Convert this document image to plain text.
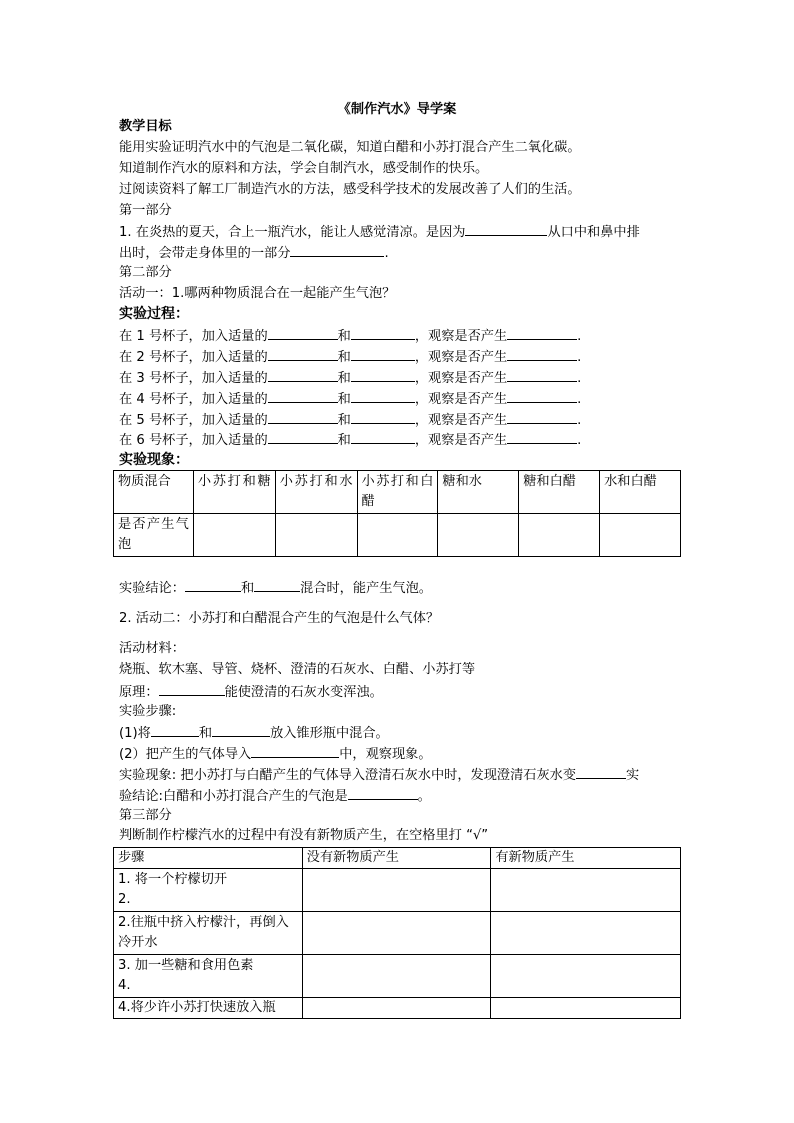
《制作汽水》导学案
教学目标
能用实验证明汽水中的气泡是二氧化碳，知道白醋和小苏打混合产生二氧化碳。
知道制作汽水的原料和方法，学会自制汽水，感受制作的快乐。
过阅读资料了解工厂制造汽水的方法，感受科学技术的发展改善了人们的生活。
第一部分
1. 在炎热的夏天，合上一瓶汽水，能让人感觉清凉。是因为	从口中和鼻中排
出时，会带走身体里的一部分	.
第二部分
活动一：1.哪两种物质混合在一起能产生气泡？
实验过程：
在 1 号杯子，加入适量的	和	，观察是否产生	.
在 2 号杯子，加入适量的	和	，观察是否产生	.
在 3 号杯子，加入适量的	和	，观察是否产生	.
在 4 号杯子，加入适量的	和	，观察是否产生	.
在 5 号杯子，加入适量的	和	，观察是否产生	.
在 6 号杯子，加入适量的	和	，观察是否产生	.
实验现象：
物质混合	小苏打和糖	小苏打和水	小苏打和白醋	糖和水	糖和白醋	水和白醋
是否产生气泡						
实验结论：	和	混合时，能产生气泡。
2. 活动二：小苏打和白醋混合产生的气泡是什么气体？
活动材料：
烧瓶、软木塞、导管、烧杯、澄清的石灰水、白醋、小苏打等
原理：	能使澄清的石灰水变浑浊。
实验步骤:
(1)将	和	放入锥形瓶中混合。
(2）把产生的气体导入	中，观察现象。
实验现象: 把小苏打与白醋产生的气体导入澄清石灰水中时，发现澄清石灰水变	实
验结论:白醋和小苏打混合产生的气泡是	。
第三部分
判断制作柠檬汽水的过程中有没有新物质产生，在空格里打 “√”
步骤	没有新物质产生	有新物质产生

1. 将一个柠檬切开
2.		

2.往瓶中挤入柠檬汁，再倒入
冷开水		

3. 加一些糖和食用色素
4.		

4.将少许小苏打快速放入瓶		
